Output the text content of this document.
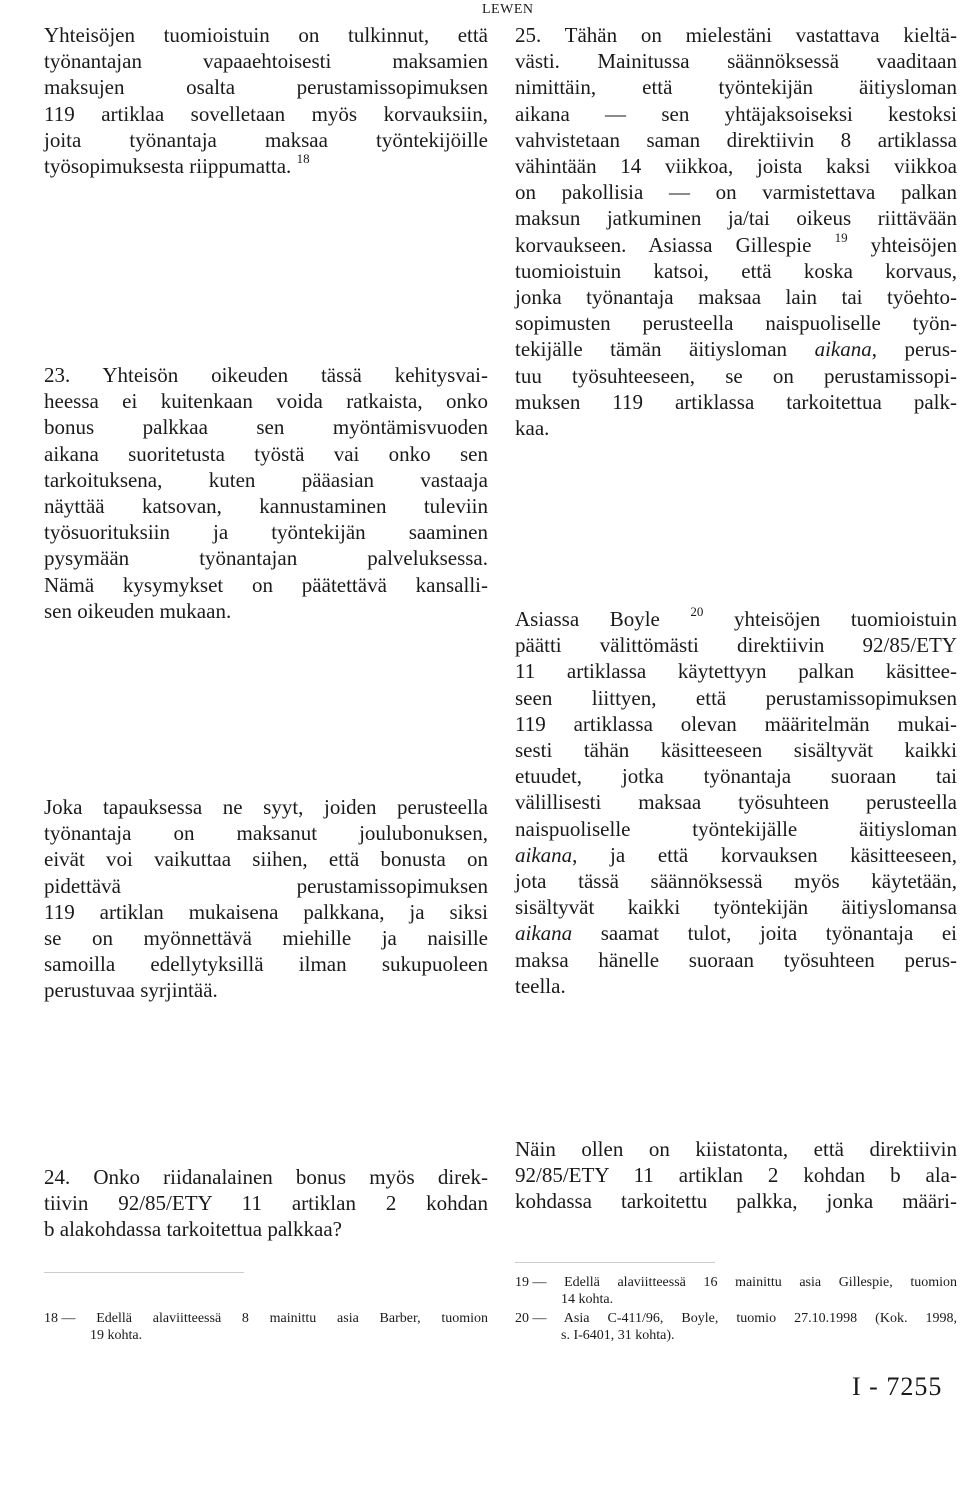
LEWEN
Yhteisöjen tuomioistuin on tulkinnut, että
työnantajan vapaaehtoisesti maksamien
maksujen osalta perustamissopimuksen
119 artiklaa sovelletaan myös korvauksiin,
joita työnantaja maksaa työntekijöille
työsopimuksesta riippumatta. $^{18}$
23. Yhteisön oikeuden tässä kehitysvai-
heessa ei kuitenkaan voida ratkaista, onko
bonus palkkaa sen myöntämisvuoden
aikana suoritetusta työstä vai onko sen
tarkoituksena, kuten pääasian vastaaja
näyttää katsovan, kannustaminen tuleviin
työsuorituksiin ja työntekijän saaminen
pysymään työnantajan palveluksessa.
Nämä kysymykset on päätettävä kansalli-
sen oikeuden mukaan.
Joka tapauksessa ne syyt, joiden perusteella
työnantaja on maksanut joulubonuksen,
eivät voi vaikuttaa siihen, että bonusta on
pidettävä perustamissopimuksen
119 artiklan mukaisena palkkana, ja siksi
se on myönnettävä miehille ja naisille
samoilla edellytyksillä ilman sukupuoleen
perustuvaa syrjintää.
24. Onko riidanalainen bonus myös direk-
tiivin 92/85/ETY 11 artiklan 2 kohdan
b alakohdassa tarkoitettua palkkaa?
18 — Edellä alaviitteessä 8 mainittu asia Barber, tuomion
19 kohta.
25. Tähän on mielestäni vastattava kieltä-
västi. Mainitussa säännöksessä vaaditaan
nimittäin, että työntekijän äitiysloman
aikana — sen yhtäjaksoiseksi kestoksi
vahvistetaan saman direktiivin 8 artiklassa
vähintään 14 viikkoa, joista kaksi viikkoa
on pakollisia — on varmistettava palkan
maksun jatkuminen ja/tai oikeus riittävään
korvaukseen. Asiassa Gillespie $^{19}$ yhteisöjen
tuomioistuin katsoi, että koska korvaus,
jonka työnantaja maksaa lain tai työehto-
sopimusten perusteella naispuoliselle työn-
tekijälle tämän äitiysloman aikana, perus-
tuu työsuhteeseen, se on perustamissopi-
muksen 119 artiklassa tarkoitettua palk-
kaa.
Asiassa Boyle $^{20}$ yhteisöjen tuomioistuin
päätti välittömästi direktiivin 92/85/ETY
11 artiklassa käytettyyn palkan käsittee-
seen liittyen, että perustamissopimuksen
119 artiklassa olevan määritelmän mukai-
sesti tähän käsitteeseen sisältyvät kaikki
etuudet, jotka työnantaja suoraan tai
välillisesti maksaa työsuhteen perusteella
naispuoliselle työntekijälle äitiysloman
aikana, ja että korvauksen käsitteeseen,
jota tässä säännöksessä myös käytetään,
sisältyvät kaikki työntekijän äitiyslomansa
aikana saamat tulot, joita työnantaja ei
maksa hänelle suoraan työsuhteen perus-
teella.
Näin ollen on kiistatonta, että direktiivin
92/85/ETY 11 artiklan 2 kohdan b ala-
kohdassa tarkoitettu palkka, jonka määri-
19 — Edellä alaviitteessä 16 mainittu asia Gillespie, tuomion
14 kohta.
20 — Asia C-411/96, Boyle, tuomio 27.10.1998 (Kok. 1998,
s. I-6401, 31 kohta).
I - 7255
